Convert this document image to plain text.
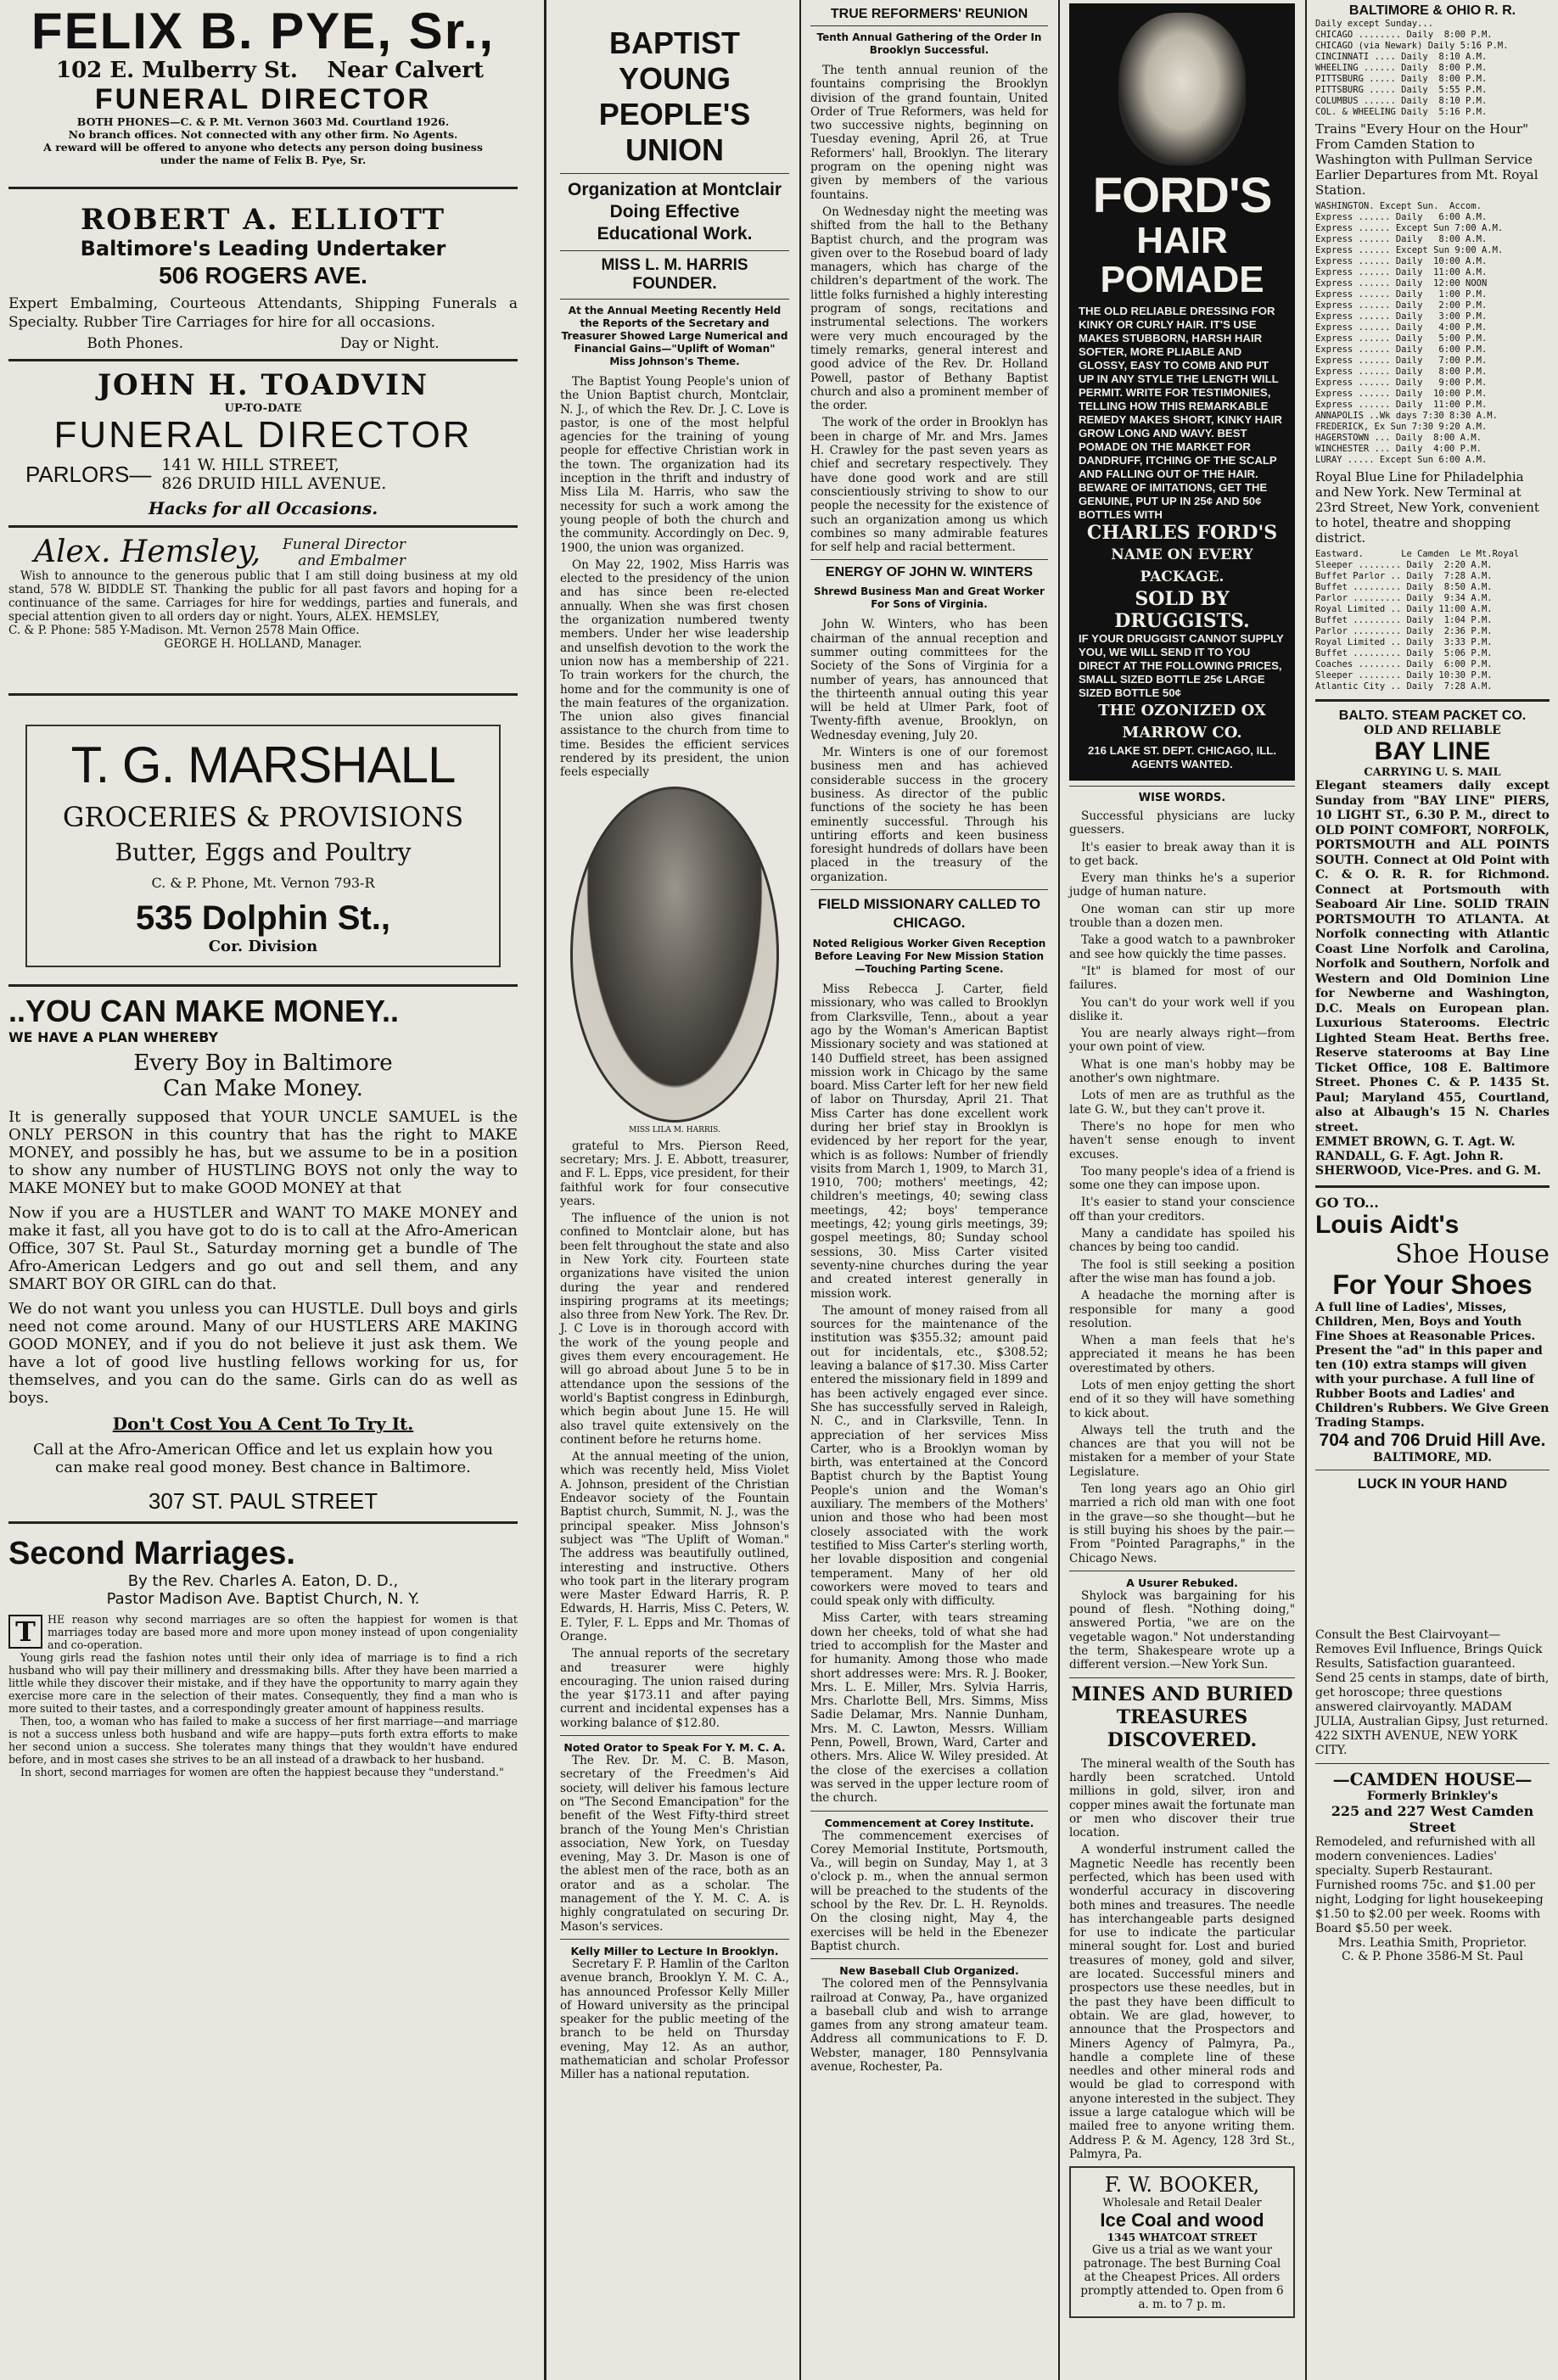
FELIX B. PYE, Sr.,
102 E. Mulberry St. Near Calvert
FUNERAL DIRECTOR
BOTH PHONES—C. & P. Mt. Vernon 3603 Md. Courtland 1926.
No branch offices. Not connected with any other firm. No Agents.
A reward will be offered to anyone who detects any person doing business under the name of Felix B. Pye, Sr.
ROBERT A. ELLIOTT
Baltimore's Leading Undertaker
506 ROGERS AVE.
Expert Embalming, Courteous Attendants, Shipping Funerals a Specialty. Rubber Tire Carriages for hire for all occasions.
Both Phones.	Day or Night.
JOHN H. TOADVIN
UP-TO-DATE
FUNERAL DIRECTOR
PARLORS— 141 W. HILL STREET,
826 DRUID HILL AVENUE.
Hacks for all Occasions.
Alex. Hemsley, Funeral Director
and Embalmer
Wish to announce to the generous public that I am still doing business at my old stand, 578 W. BIDDLE ST. Thanking the public for all past favors and hoping for a continuance of the same. Carriages for hire for weddings, parties and funerals, and special attention given to all orders day or night. Yours, ALEX. HEMSLEY,
C. & P. Phone: 585 Y-Madison. Mt. Vernon 2578 Main Office.
GEORGE H. HOLLAND, Manager.
T. G. MARSHALL
GROCERIES & PROVISIONS
Butter, Eggs and Poultry
C. & P. Phone, Mt. Vernon 793-R
535 Dolphin St.,
Cor. Division
..YOU CAN MAKE MONEY..
WE HAVE A PLAN WHEREBY
Every Boy in Baltimore
Can Make Money.
It is generally supposed that YOUR UNCLE SAMUEL is the ONLY PERSON in this country that has the right to MAKE MONEY, and possibly he has, but we assume to be in a position to show any number of HUSTLING BOYS not only the way to MAKE MONEY but to make GOOD MONEY at that
Now if you are a HUSTLER and WANT TO MAKE MONEY and make it fast, all you have got to do is to call at the Afro-American Office, 307 St. Paul St., Saturday morning get a bundle of The Afro-American Ledgers and go out and sell them, and any SMART BOY OR GIRL can do that.
We do not want you unless you can HUSTLE. Dull boys and girls need not come around. Many of our HUSTLERS ARE MAKING GOOD MONEY, and if you do not believe it just ask them. We have a lot of good live hustling fellows working for us, for themselves, and you can do the same. Girls can do as well as boys.
Don't Cost You A Cent To Try It.
Call at the Afro-American Office and let us explain how you can make real good money. Best chance in Baltimore.
307 ST. PAUL STREET
Second Marriages.
By the Rev. Charles A. Eaton, D. D.,
Pastor Madison Ave. Baptist Church, N. Y.
T	HE reason why second marriages are so often the happiest for women is that marriages today are based more and more upon money instead of upon congeniality and co-operation.
Young girls read the fashion notes until their only idea of marriage is to find a rich husband who will pay their millinery and dressmaking bills. After they have been married a little while they discover their mistake, and if they have the opportunity to marry again they exercise more care in the selection of their mates. Consequently, they find a man who is more suited to their tastes, and a correspondingly greater amount of happiness results.
Then, too, a woman who has failed to make a success of her first marriage—and marriage is not a success unless both husband and wife are happy—puts forth extra efforts to make her second union a success. She tolerates many things that they wouldn't have endured before, and in most cases she strives to be an all instead of a drawback to her husband.
In short, second marriages for women are often the happiest because they "understand."
BAPTIST YOUNG PEOPLE'S UNION
Organization at Montclair Doing Effective Educational Work.
MISS L. M. HARRIS FOUNDER.
At the Annual Meeting Recently Held the Reports of the Secretary and Treasurer Showed Large Numerical and Financial Gains—"Uplift of Woman" Miss Johnson's Theme.

The Baptist Young People's union of the Union Baptist church, Montclair, N. J., of which the Rev. Dr. J. C. Love is pastor, is one of the most helpful agencies for the training of young people for effective Christian work in the town. The organization had its inception in the thrift and industry of Miss Lila M. Harris, who saw the necessity for such a work among the young people of both the church and the community. Accordingly on Dec. 9, 1900, the union was organized.

On May 22, 1902, Miss Harris was elected to the presidency of the union and has since been re-elected annually. When she was first chosen the organization numbered twenty members. Under her wise leadership and unselfish devotion to the work the union now has a membership of 221. To train workers for the church, the home and for the community is one of the main features of the organization. The union also gives financial assistance to the church from time to time. Besides the efficient services rendered by its president, the union feels especially

MISS LILA M. HARRIS.

grateful to Mrs. Pierson Reed, secretary; Mrs. J. E. Abbott, treasurer, and F. L. Epps, vice president, for their faithful work for four consecutive years.

The influence of the union is not confined to Montclair alone, but has been felt throughout the state and also in New York city. Fourteen state organizations have visited the union during the year and rendered inspiring programs at its meetings; also three from New York. The Rev. Dr. J. C Love is in thorough accord with the work of the young people and gives them every encouragement. He will go abroad about June 5 to be in attendance upon the sessions of the world's Baptist congress in Edinburgh, which begin about June 15. He will also travel quite extensively on the continent before he returns home.

At the annual meeting of the union, which was recently held, Miss Violet A. Johnson, president of the Christian Endeavor society of the Fountain Baptist church, Summit, N. J., was the principal speaker. Miss Johnson's subject was "The Uplift of Woman." The address was beautifully outlined, interesting and instructive. Others who took part in the literary program were Master Edward Harris, R. P. Edwards, H. Harris, Miss C. Peters, W. E. Tyler, F. L. Epps and Mr. Thomas of Orange.

The annual reports of the secretary and treasurer were highly encouraging. The union raised during the year $173.11 and after paying current and incidental expenses has a working balance of $12.80.

Noted Orator to Speak For Y. M. C. A.

The Rev. Dr. M. C. B. Mason, secretary of the Freedmen's Aid society, will deliver his famous lecture on "The Second Emancipation" for the benefit of the West Fifty-third street branch of the Young Men's Christian association, New York, on Tuesday evening, May 3. Dr. Mason is one of the ablest men of the race, both as an orator and as a scholar. The management of the Y. M. C. A. is highly congratulated on securing Dr. Mason's services.

Kelly Miller to Lecture In Brooklyn.

Secretary F. P. Hamlin of the Carlton avenue branch, Brooklyn Y. M. C. A., has announced Professor Kelly Miller of Howard university as the principal speaker for the public meeting of the branch to be held on Thursday evening, May 12. As an author, mathematician and scholar Professor Miller has a national reputation.

TRUE REFORMERS' REUNION
Tenth Annual Gathering of the Order In Brooklyn Successful.

The tenth annual reunion of the fountains comprising the Brooklyn division of the grand fountain, United Order of True Reformers, was held for two successive nights, beginning on Tuesday evening, April 26, at True Reformers' hall, Brooklyn. The literary program on the opening night was given by members of the various fountains.

On Wednesday night the meeting was shifted from the hall to the Bethany Baptist church, and the program was given over to the Rosebud board of lady managers, which has charge of the children's department of the work. The little folks furnished a highly interesting program of songs, recitations and instrumental selections. The workers were very much encouraged by the timely remarks, general interest and good advice of the Rev. Dr. Holland Powell, pastor of Bethany Baptist church and also a prominent member of the order.

The work of the order in Brooklyn has been in charge of Mr. and Mrs. James H. Crawley for the past seven years as chief and secretary respectively. They have done good work and are still conscientiously striving to show to our people the necessity for the existence of such an organization among us which combines so many admirable features for self help and racial betterment.

ENERGY OF JOHN W. WINTERS
Shrewd Business Man and Great Worker For Sons of Virginia.

John W. Winters, who has been chairman of the annual reception and summer outing committees for the Society of the Sons of Virginia for a number of years, has announced that the thirteenth annual outing this year will be held at Ulmer Park, foot of Twenty-fifth avenue, Brooklyn, on Wednesday evening, July 20.

Mr. Winters is one of our foremost business men and has achieved considerable success in the grocery business. As director of the public functions of the society he has been eminently successful. Through his untiring efforts and keen business foresight hundreds of dollars have been placed in the treasury of the organization.

FIELD MISSIONARY CALLED TO CHICAGO.
Noted Religious Worker Given Reception Before Leaving For New Mission Station—Touching Parting Scene.

Miss Rebecca J. Carter, field missionary, who was called to Brooklyn from Clarksville, Tenn., about a year ago by the Woman's American Baptist Missionary society and was stationed at 140 Duffield street, has been assigned mission work in Chicago by the same board. Miss Carter left for her new field of labor on Thursday, April 21. That Miss Carter has done excellent work during her brief stay in Brooklyn is evidenced by her report for the year, which is as follows: Number of friendly visits from March 1, 1909, to March 31, 1910, 700; mothers' meetings, 42; children's meetings, 40; sewing class meetings, 42; boys' temperance meetings, 42; young girls meetings, 39; gospel meetings, 80; Sunday school sessions, 30. Miss Carter visited seventy-nine churches during the year and created interest generally in mission work.

The amount of money raised from all sources for the maintenance of the institution was $355.32; amount paid out for incidentals, etc., $308.52; leaving a balance of $17.30. Miss Carter entered the missionary field in 1899 and has been actively engaged ever since. She has successfully served in Raleigh, N. C., and in Clarksville, Tenn. In appreciation of her services Miss Carter, who is a Brooklyn woman by birth, was entertained at the Concord Baptist church by the Baptist Young People's union and the Woman's auxiliary. The members of the Mothers' union and those who had been most closely associated with the work testified to Miss Carter's sterling worth, her lovable disposition and congenial temperament. Many of her old coworkers were moved to tears and could speak only with difficulty.

Miss Carter, with tears streaming down her cheeks, told of what she had tried to accomplish for the Master and for humanity. Among those who made short addresses were: Mrs. R. J. Booker, Mrs. L. E. Miller, Mrs. Sylvia Harris, Mrs. Charlotte Bell, Mrs. Simms, Miss Sadie Delamar, Mrs. Nannie Dunham, Mrs. M. C. Lawton, Messrs. William Penn, Powell, Brown, Ward, Carter and others. Mrs. Alice W. Wiley presided. At the close of the exercises a collation was served in the upper lecture room of the church.

Commencement at Corey Institute.

The commencement exercises of Corey Memorial Institute, Portsmouth, Va., will begin on Sunday, May 1, at 3 o'clock p. m., when the annual sermon will be preached to the students of the school by the Rev. Dr. L. H. Reynolds. On the closing night, May 4, the exercises will be held in the Ebenezer Baptist church.

New Baseball Club Organized.

The colored men of the Pennsylvania railroad at Conway, Pa., have organized a baseball club and wish to arrange games from any strong amateur team. Address all communications to F. D. Webster, manager, 180 Pennsylvania avenue, Rochester, Pa.

FORD'S
HAIR POMADE
THE OLD RELIABLE DRESSING FOR KINKY OR CURLY HAIR. IT'S USE MAKES STUBBORN, HARSH HAIR SOFTER, MORE PLIABLE AND GLOSSY, EASY TO COMB AND PUT UP IN ANY STYLE THE LENGTH WILL PERMIT. WRITE FOR TESTIMONIES, TELLING HOW THIS REMARKABLE REMEDY MAKES SHORT, KINKY HAIR GROW LONG AND WAVY. BEST POMADE ON THE MARKET FOR DANDRUFF, ITCHING OF THE SCALP AND FALLING OUT OF THE HAIR. BEWARE OF IMITATIONS, GET THE GENUINE, PUT UP IN 25¢ AND 50¢ BOTTLES WITH
CHARLES FORD'S
NAME ON EVERY PACKAGE.
SOLD BY DRUGGISTS.
IF YOUR DRUGGIST CANNOT SUPPLY YOU, WE WILL SEND IT TO YOU DIRECT AT THE FOLLOWING PRICES, SMALL SIZED BOTTLE 25¢ LARGE SIZED BOTTLE 50¢
THE OZONIZED OX MARROW CO.
216 LAKE ST. DEPT. CHICAGO, ILL.
AGENTS WANTED.
WISE WORDS.

Successful physicians are lucky guessers.

It's easier to break away than it is to get back.

Every man thinks he's a superior judge of human nature.

One woman can stir up more trouble than a dozen men.

Take a good watch to a pawnbroker and see how quickly the time passes.

"It" is blamed for most of our failures.

You can't do your work well if you dislike it.

You are nearly always right—from your own point of view.

What is one man's hobby may be another's own nightmare.

Lots of men are as truthful as the late G. W., but they can't prove it.

There's no hope for men who haven't sense enough to invent excuses.

Too many people's idea of a friend is some one they can impose upon.

It's easier to stand your conscience off than your creditors.

Many a candidate has spoiled his chances by being too candid.

The fool is still seeking a position after the wise man has found a job.

A headache the morning after is responsible for many a good resolution.

When a man feels that he's appreciated it means he has been overestimated by others.

Lots of men enjoy getting the short end of it so they will have something to kick about.

Always tell the truth and the chances are that you will not be mistaken for a member of your State Legislature.

Ten long years ago an Ohio girl married a rich old man with one foot in the grave—so she thought—but he is still buying his shoes by the pair.—From "Pointed Paragraphs," in the Chicago News.

A Usurer Rebuked.

Shylock was bargaining for his pound of flesh. "Nothing doing," answered Portia, "we are on the vegetable wagon." Not understanding the term, Shakespeare wrote up a different version.—New York Sun.

MINES AND BURIED TREASURES DISCOVERED.

The mineral wealth of the South has hardly been scratched. Untold millions in gold, silver, iron and copper mines await the fortunate man or men who discover their true location.

A wonderful instrument called the Magnetic Needle has recently been perfected, which has been used with wonderful accuracy in discovering both mines and treasures. The needle has interchangeable parts designed for use to indicate the particular mineral sought for. Lost and buried treasures of money, gold and silver, are located. Successful miners and prospectors use these needles, but in the past they have been difficult to obtain. We are glad, however, to announce that the Prospectors and Miners Agency of Palmyra, Pa., handle a complete line of these needles and other mineral rods and would be glad to correspond with anyone interested in the subject. They issue a large catalogue which will be mailed free to anyone writing them. Address P. & M. Agency, 128 3rd St., Palmyra, Pa.

F. W. BOOKER,
Wholesale and Retail Dealer
Ice Coal and wood
1345 WHATCOAT STREET
Give us a trial as we want your patronage. The best Burning Coal at the Cheapest Prices. All orders promptly attended to. Open from 6 a. m. to 7 p. m.
BALTIMORE & OHIO R. R.
Daily except Sunday...
CHICAGO ........ Daily  8:00 P.M.
CHICAGO (via Newark) Daily 5:16 P.M.
CINCINNATI .... Daily  8:10 A.M.
WHEELING ...... Daily  8:00 P.M.
PITTSBURG ..... Daily  8:00 P.M.
PITTSBURG ..... Daily  5:55 P.M.
COLUMBUS ...... Daily  8:10 P.M.
COL. & WHEELING Daily  5:16 P.M.
Trains "Every Hour on the Hour" From Camden Station to Washington with Pullman Service Earlier Departures from Mt. Royal Station.
WASHINGTON. Except Sun.  Accom.
Express ...... Daily   6:00 A.M.
Express ...... Except Sun 7:00 A.M.
Express ...... Daily   8:00 A.M.
Express ...... Except Sun 9:00 A.M.
Express ...... Daily  10:00 A.M.
Express ...... Daily  11:00 A.M.
Express ...... Daily  12:00 NOON
Express ...... Daily   1:00 P.M.
Express ...... Daily   2:00 P.M.
Express ...... Daily   3:00 P.M.
Express ...... Daily   4:00 P.M.
Express ...... Daily   5:00 P.M.
Express ...... Daily   6:00 P.M.
Express ...... Daily   7:00 P.M.
Express ...... Daily   8:00 P.M.
Express ...... Daily   9:00 P.M.
Express ...... Daily  10:00 P.M.
Express ...... Daily  11:00 P.M.
ANNAPOLIS ..Wk days 7:30 8:30 A.M.
FREDERICK, Ex Sun 7:30 9:20 A.M.
HAGERSTOWN ... Daily  8:00 A.M.
WINCHESTER ... Daily  4:00 P.M.
LURAY ..... Except Sun 6:00 A.M.
Royal Blue Line for Philadelphia and New York. New Terminal at 23rd Street, New York, convenient to hotel, theatre and shopping district.
Eastward.       Le Camden  Le Mt.Royal
Sleeper ........ Daily  2:20 A.M.
Buffet Parlor .. Daily  7:28 A.M.
Buffet ......... Daily  8:50 A.M.
Parlor ......... Daily  9:34 A.M.
Royal Limited .. Daily 11:00 A.M.
Buffet ......... Daily  1:04 P.M.
Parlor ......... Daily  2:36 P.M.
Royal Limited .. Daily  3:33 P.M.
Buffet ......... Daily  5:06 P.M.
Coaches ........ Daily  6:00 P.M.
Sleeper ........ Daily 10:30 P.M.
Atlantic City .. Daily  7:28 A.M.
BALTO. STEAM PACKET CO.
OLD AND RELIABLE
BAY LINE
CARRYING U. S. MAIL
Elegant steamers daily except Sunday from "BAY LINE" PIERS, 10 LIGHT ST., 6.30 P. M., direct to OLD POINT COMFORT, NORFOLK, PORTSMOUTH and ALL POINTS SOUTH. Connect at Old Point with C. & O. R. R. for Richmond. Connect at Portsmouth with Seaboard Air Line. SOLID TRAIN PORTSMOUTH TO ATLANTA. At Norfolk connecting with Atlantic Coast Line Norfolk and Carolina, Norfolk and Southern, Norfolk and Western and Old Dominion Line for Newberne and Washington, D.C. Meals on European plan. Luxurious Staterooms. Electric Lighted Steam Heat. Berths free. Reserve staterooms at Bay Line Ticket Office, 108 E. Baltimore Street. Phones C. & P. 1435 St. Paul; Maryland 455, Courtland, also at Albaugh's 15 N. Charles street.
EMMET BROWN, G. T. Agt. W. RANDALL, G. F. Agt. John R. SHERWOOD, Vice-Pres. and G. M.
GO TO...
Louis Aidt's
Shoe House
For Your Shoes
A full line of Ladies', Misses, Children, Men, Boys and Youth Fine Shoes at Reasonable Prices. Present the "ad" in this paper and ten (10) extra stamps will given with your purchase. A full line of Rubber Boots and Ladies' and Children's Rubbers. We Give Green Trading Stamps.
704 and 706 Druid Hill Ave.
BALTIMORE, MD.
LUCK IN YOUR HAND
Consult the Best Clairvoyant—Removes Evil Influence, Brings Quick Results, Satisfaction guaranteed. Send 25 cents in stamps, date of birth, get horoscope; three questions answered clairvoyantly. MADAM JULIA, Australian Gipsy, Just returned. 422 SIXTH AVENUE, NEW YORK CITY.
—CAMDEN HOUSE—
Formerly Brinkley's
225 and 227 West Camden Street
Remodeled, and refurnished with all modern conveniences. Ladies' specialty. Superb Restaurant. Furnished rooms 75c. and $1.00 per night, Lodging for light housekeeping $1.50 to $2.00 per week. Rooms with Board $5.50 per week.
Mrs. Leathia Smith, Proprietor.
C. & P. Phone 3586-M St. Paul
